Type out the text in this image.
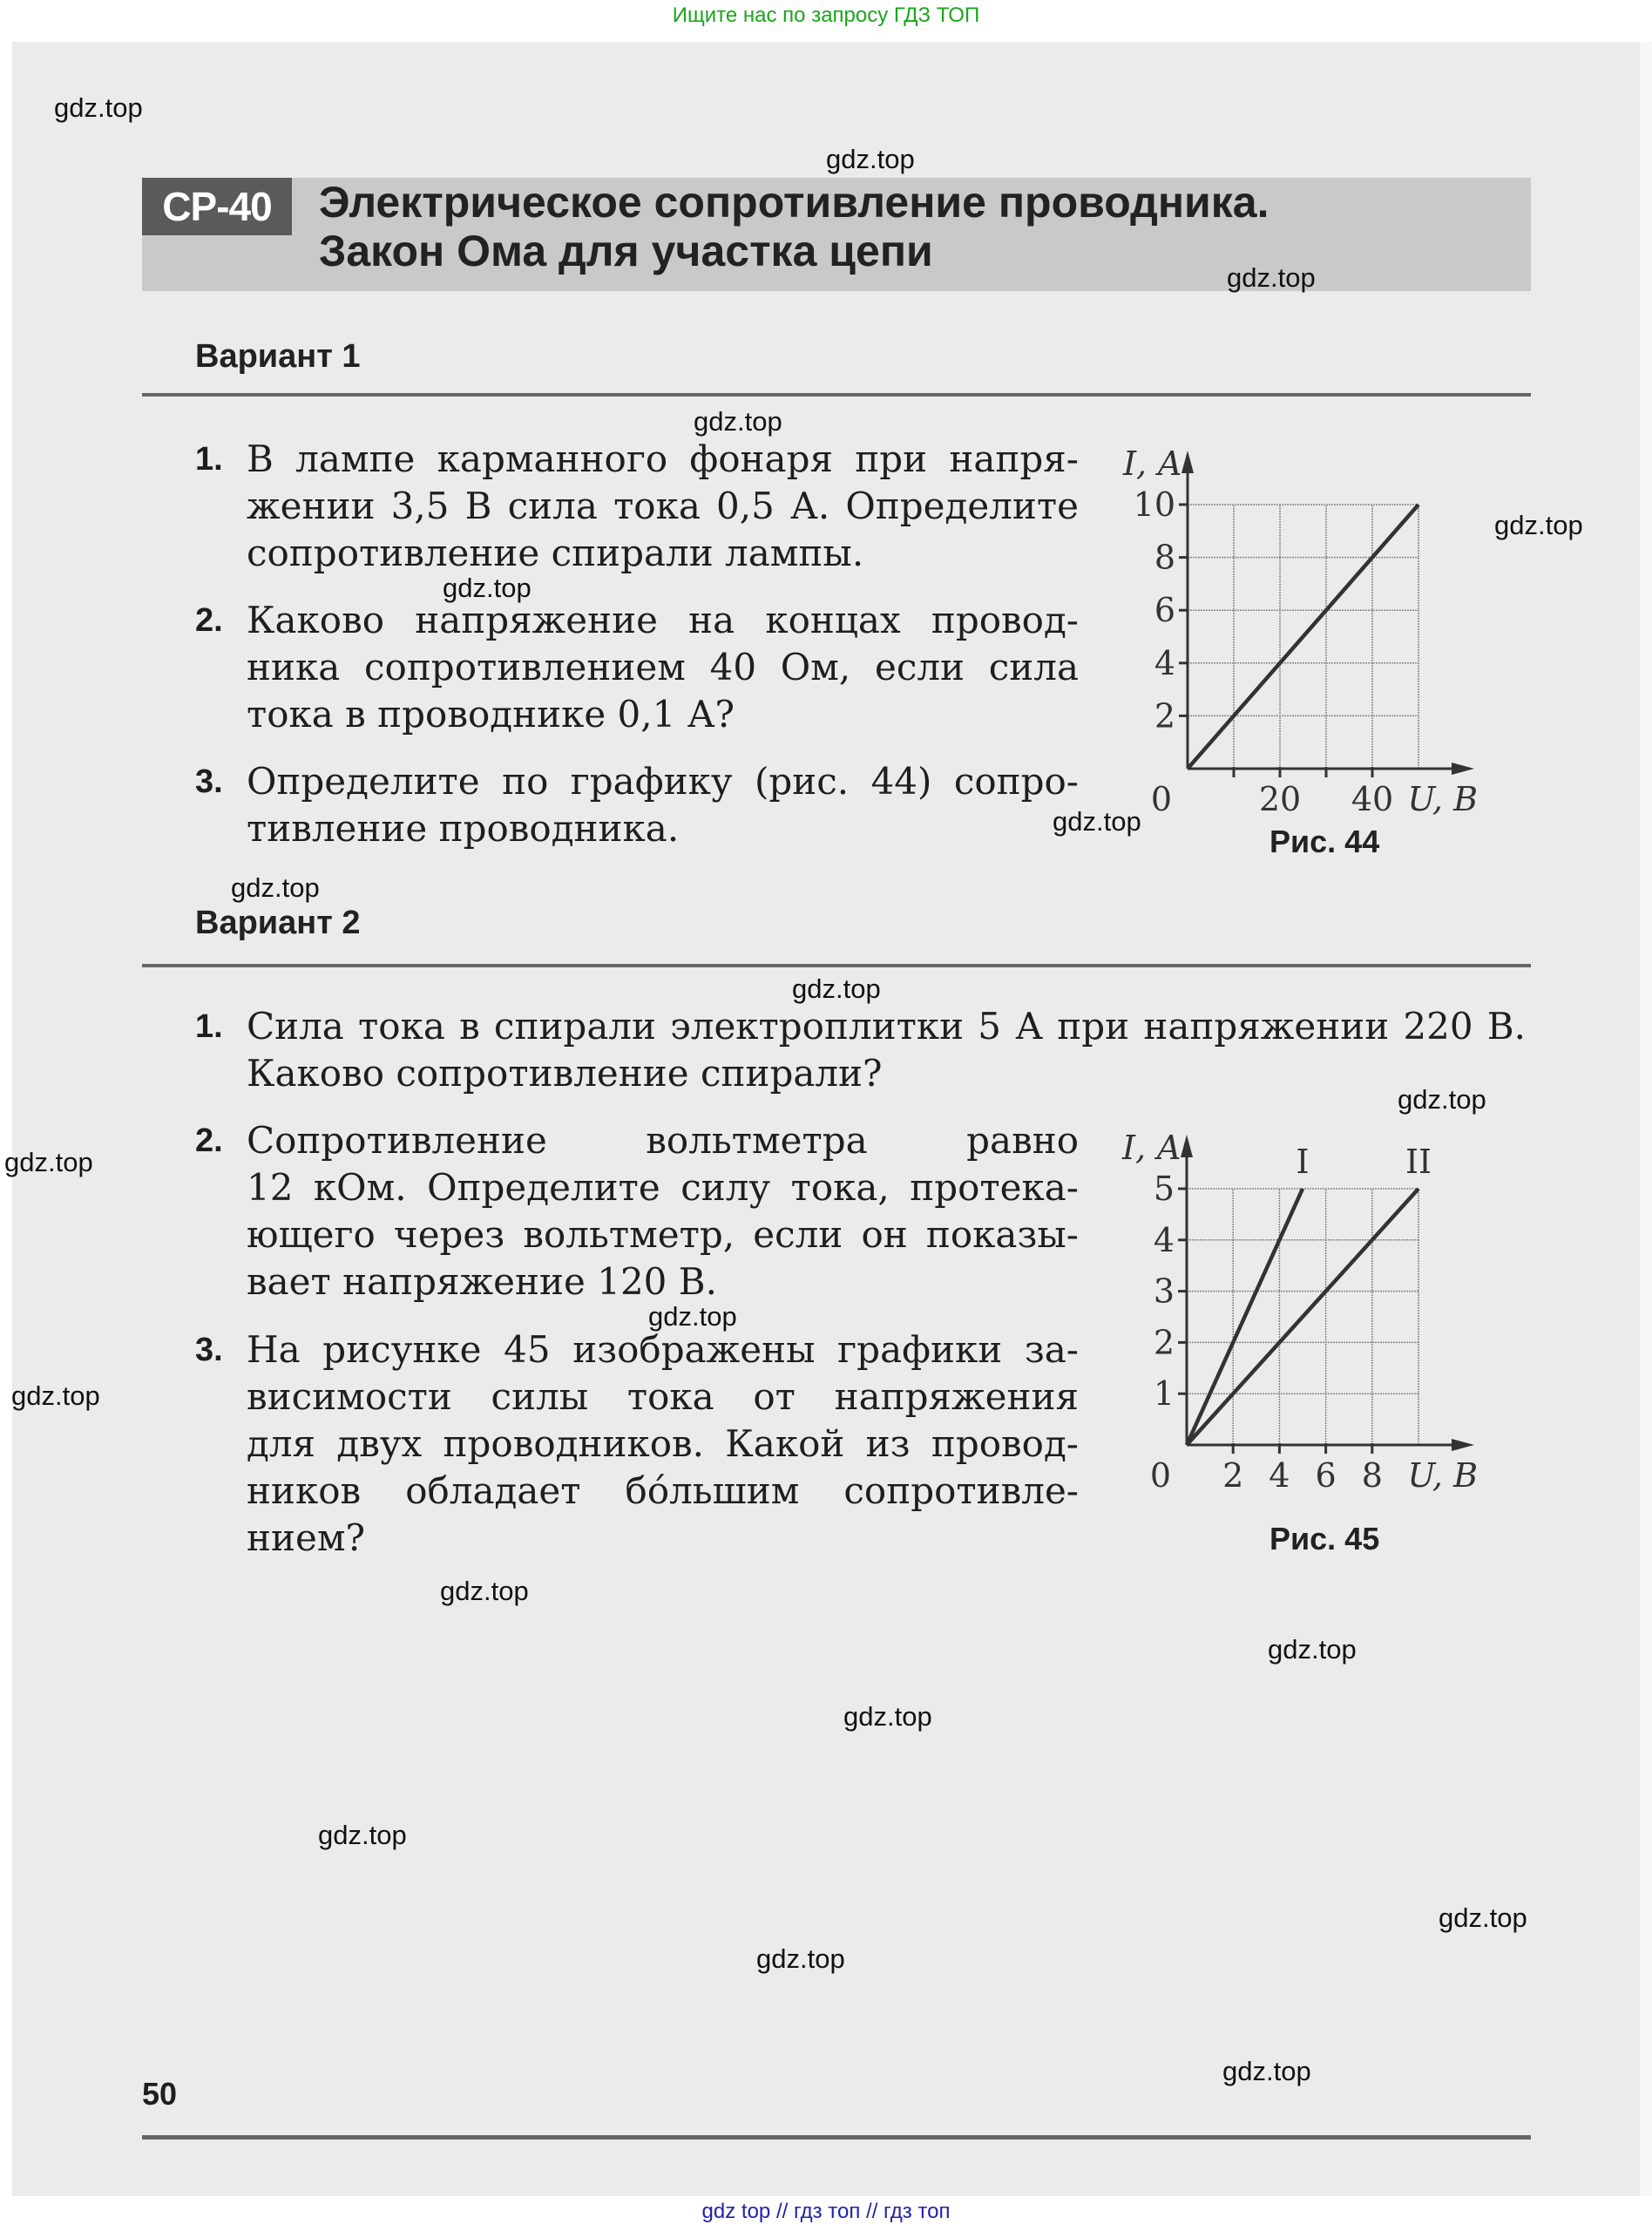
Ищите нас по запросу ГДЗ ТОП
gdz top // гдз топ // гдз топ
СР-40	Электрическое сопротивление проводника.
Закон Ома для участка цепи
Вариант 1
1. В лампе карманного фонаря при напря-
жении 3,5 В сила тока 0,5 А. Определите
сопротивление спирали лампы.
2. Каково напряжение на концах провод-
ника сопротивлением 40 Ом, если сила
тока в проводнике 0,1 А?
3. Определите по графику (рис. 44) сопро-
тивление проводника.
Вариант 2
1. Сила тока в спирали электроплитки 5 А при напряжении 220 В.
Каково сопротивление спирали?
2. Сопротивление вольтметра равно
12 кОм. Определите силу тока, протека-
ющего через вольтметр, если он показы-
вает напряжение 120 В.
3. На рисунке 45 изображены графики за-
висимости силы тока от напряжения
для двух проводников. Какой из провод-
ников обладает бо́льшим сопротивле-
нием?
20 40
2
4
6
8
10
0	U, В
I, А
Рис. 44
2 4 6 8
1
2
3
4
5
0	U, В
I, А	I	II
Рис. 45
50
gdz.top
gdz.top
gdz.top
gdz.top
gdz.top
gdz.top
gdz.top
gdz.top
gdz.top
gdz.top
gdz.top
gdz.top
gdz.top
gdz.top
gdz.top
gdz.top
gdz.top
gdz.top
gdz.top
gdz.top
